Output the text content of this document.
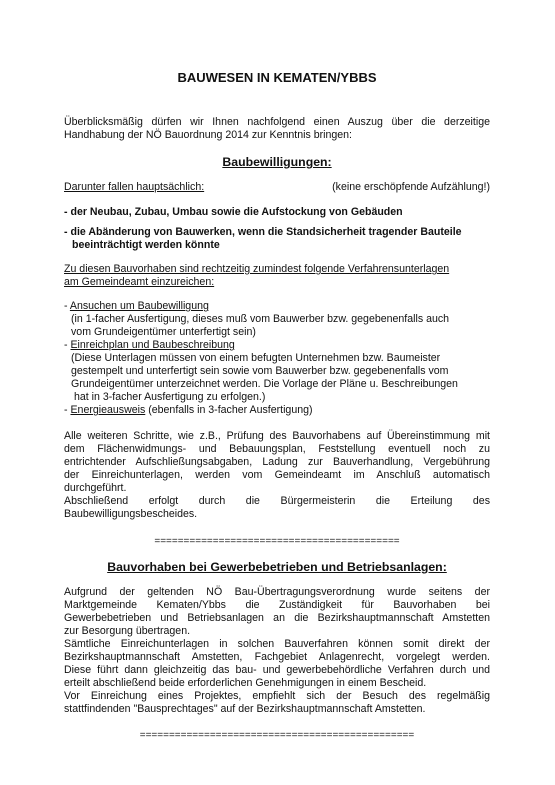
BAUWESEN IN KEMATEN/YBBS
Überblicksmäßig dürfen wir Ihnen nachfolgend einen Auszug über die derzeitige
Handhabung der NÖ Bauordnung 2014 zur Kenntnis bringen:
Baubewilligungen:
Darunter fallen hauptsächlich:	(keine erschöpfende Aufzählung!)
- der Neubau, Zubau, Umbau sowie die Aufstockung von Gebäuden
- die Abänderung von Bauwerken, wenn die Standsicherheit tragender Bauteile
beeinträchtigt werden könnte
Zu diesen Bauvorhaben sind rechtzeitig zumindest folgende Verfahrensunterlagen
am Gemeindeamt einzureichen:
- Ansuchen um Baubewilligung
(in 1-facher Ausfertigung, dieses muß vom Bauwerber bzw. gegebenenfalls auch
vom Grundeigentümer unterfertigt sein)
- Einreichplan und Baubeschreibung
(Diese Unterlagen müssen von einem befugten Unternehmen bzw. Baumeister
gestempelt und unterfertigt sein sowie vom Bauwerber bzw. gegebenenfalls vom
Grundeigentümer unterzeichnet werden. Die Vorlage der Pläne u. Beschreibungen
hat in 3-facher Ausfertigung zu erfolgen.)
- Energieausweis (ebenfalls in 3-facher Ausfertigung)
Alle weiteren Schritte, wie z.B., Prüfung des Bauvorhabens auf Übereinstimmung mit
dem Flächenwidmungs- und Bebauungsplan, Feststellung eventuell noch zu
entrichtender Aufschließungsabgaben, Ladung zur Bauverhandlung, Vergebührung
der Einreichunterlagen, werden vom Gemeindeamt im Anschluß automatisch
durchgeführt.
Abschließend erfolgt durch die Bürgermeisterin die Erteilung des
Baubewilligungsbescheides.
==========================================
Bauvorhaben bei Gewerbebetrieben und Betriebsanlagen:
Aufgrund der geltenden NÖ Bau-Übertragungsverordnung wurde seitens der
Marktgemeinde Kematen/Ybbs die Zuständigkeit für Bauvorhaben bei
Gewerbebetrieben und Betriebsanlagen an die Bezirkshauptmannschaft Amstetten
zur Besorgung übertragen.
Sämtliche Einreichunterlagen in solchen Bauverfahren können somit direkt der
Bezirkshauptmannschaft Amstetten, Fachgebiet Anlagenrecht, vorgelegt werden.
Diese führt dann gleichzeitig das bau- und gewerbebehördliche Verfahren durch und
erteilt abschließend beide erforderlichen Genehmigungen in einem Bescheid.
Vor Einreichung eines Projektes, empfiehlt sich der Besuch des regelmäßig
stattfindenden "Bausprechtages" auf der Bezirkshauptmannschaft Amstetten.
===============================================
